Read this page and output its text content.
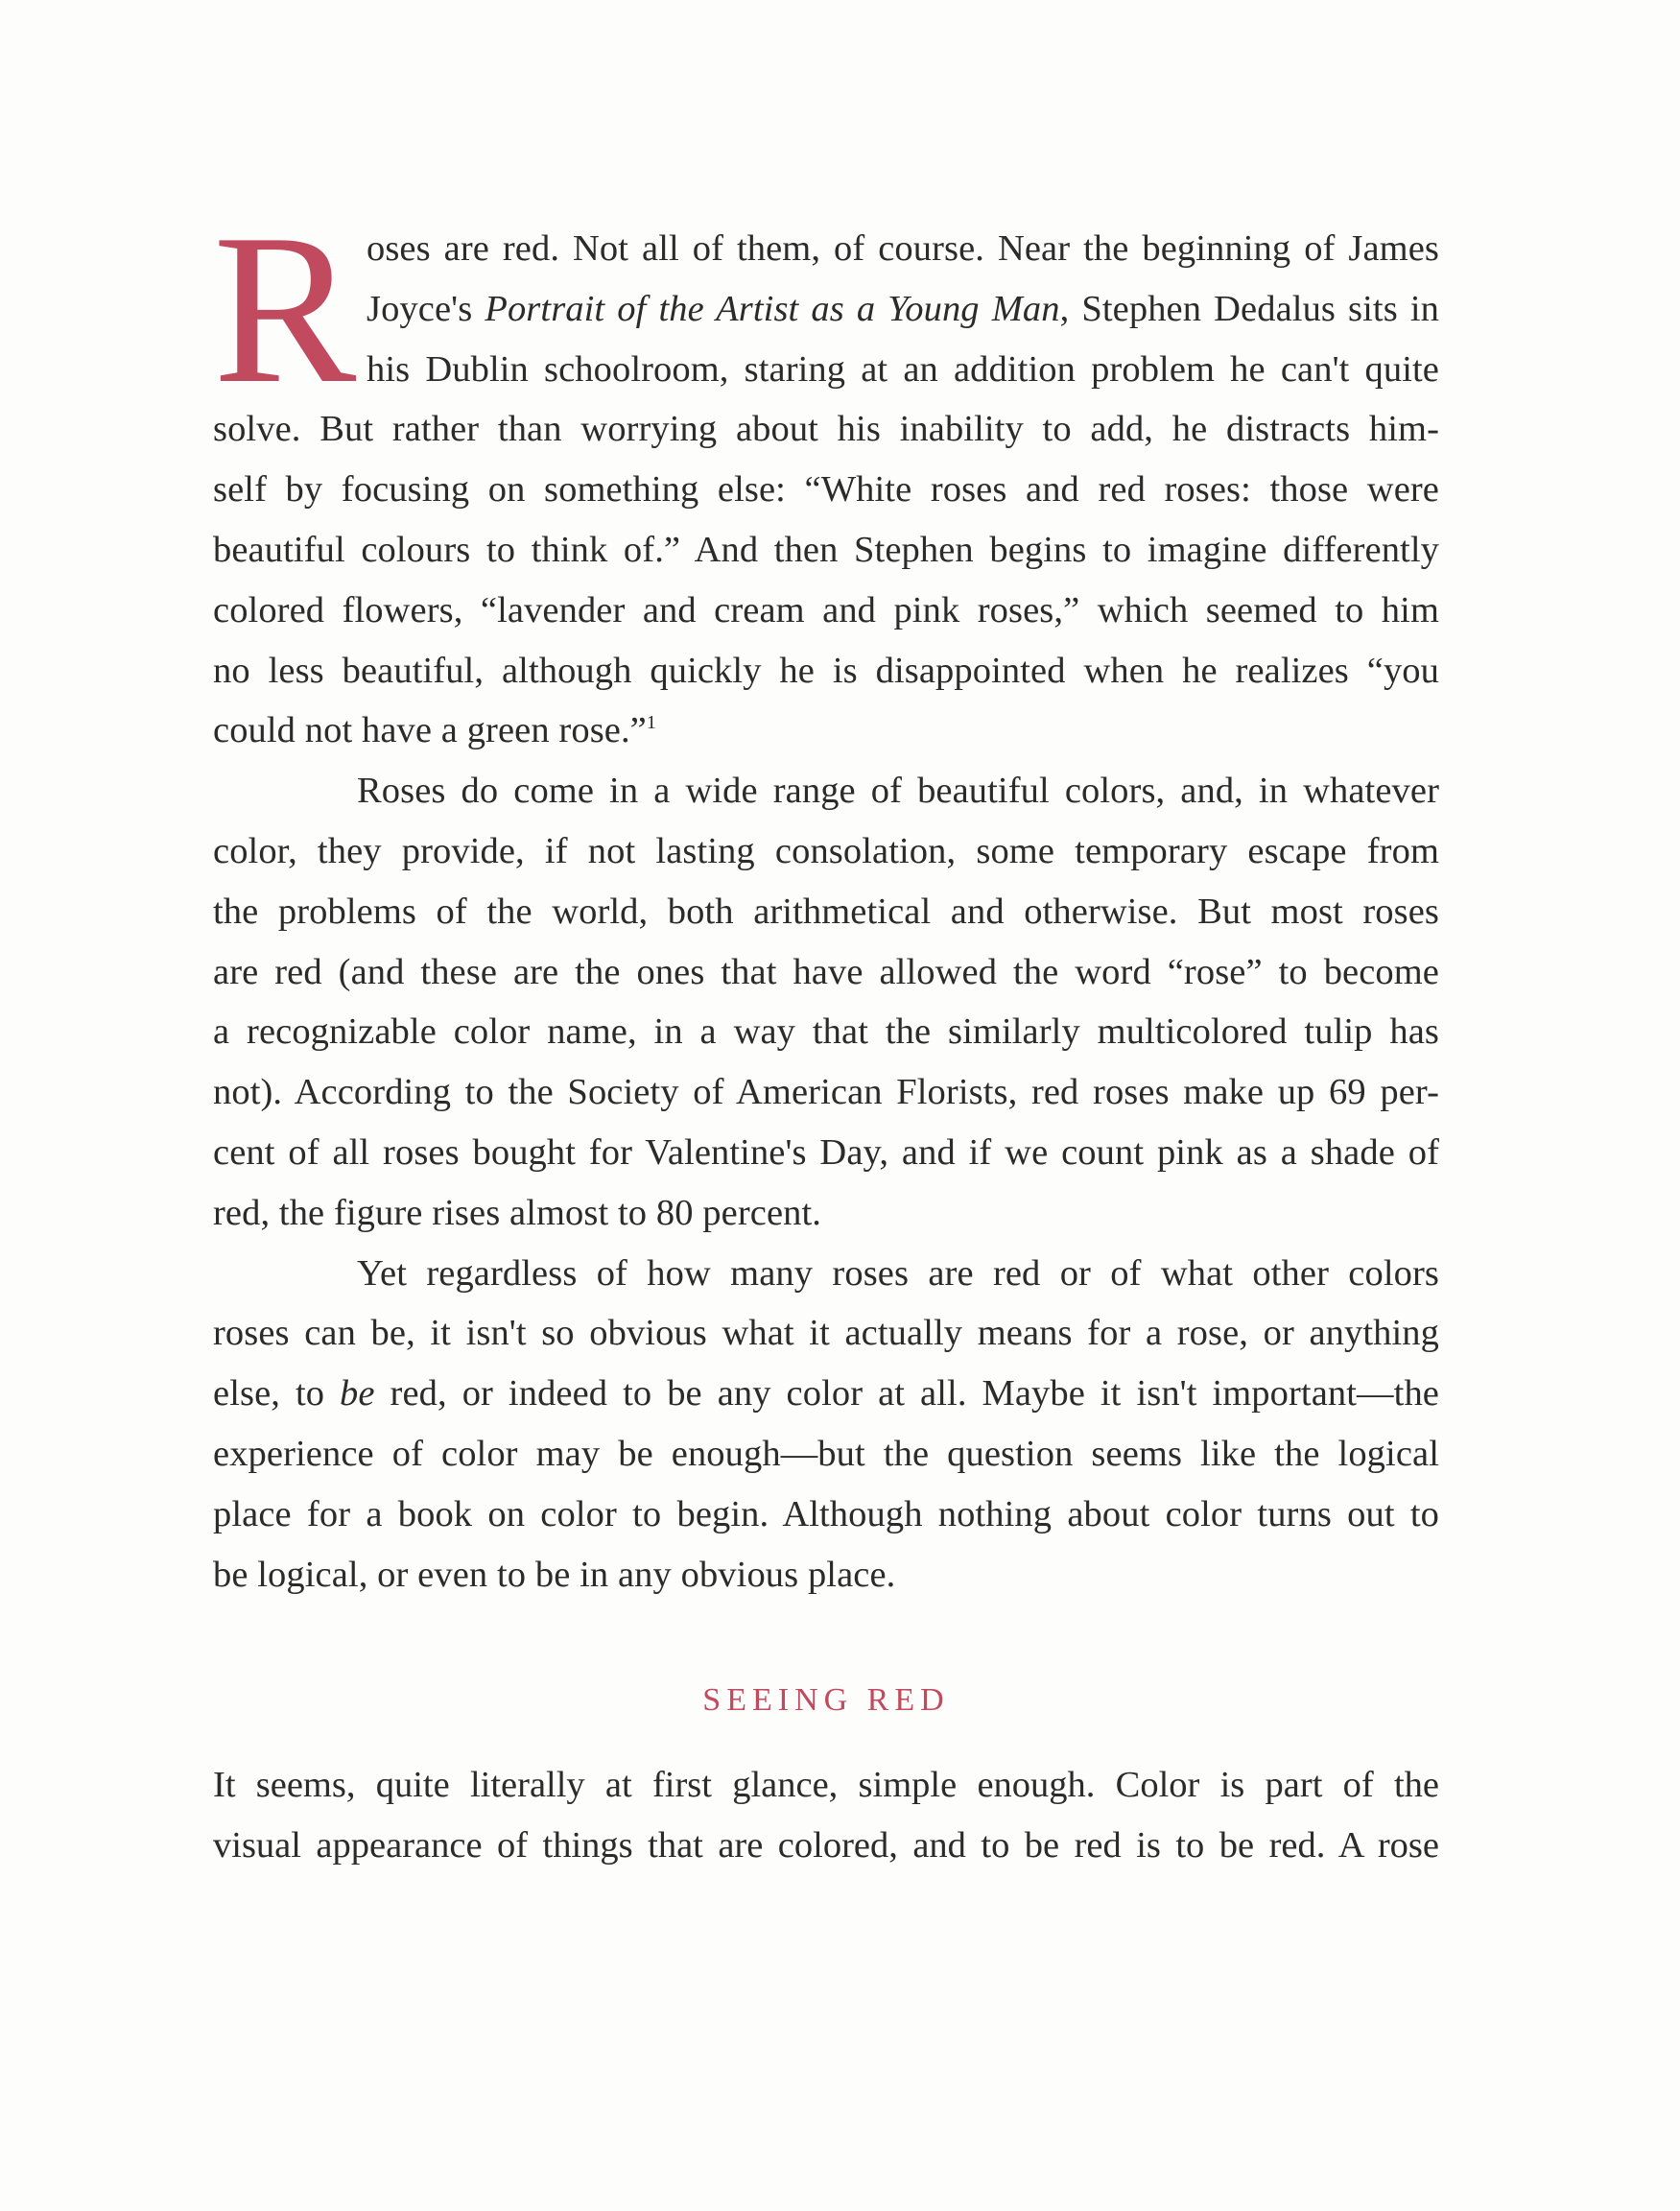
R oses are red. Not all of them, of course. Near the beginning of James
Joyce's Portrait of the Artist as a Young Man, Stephen Dedalus sits in
his Dublin schoolroom, staring at an addition problem he can't quite
solve. But rather than worrying about his inability to add, he distracts him-
self by focusing on something else: “White roses and red roses: those were
beautiful colours to think of.” And then Stephen begins to imagine differently
colored flowers, “lavender and cream and pink roses,” which seemed to him
no less beautiful, although quickly he is disappointed when he realizes “you
could not have a green rose.”$^1$
Roses do come in a wide range of beautiful colors, and, in whatever
color, they provide, if not lasting consolation, some temporary escape from
the problems of the world, both arithmetical and otherwise. But most roses
are red (and these are the ones that have allowed the word “rose” to become
a recognizable color name, in a way that the similarly multicolored tulip has
not). According to the Society of American Florists, red roses make up 69 per-
cent of all roses bought for Valentine's Day, and if we count pink as a shade of
red, the figure rises almost to 80 percent.
Yet regardless of how many roses are red or of what other colors
roses can be, it isn't so obvious what it actually means for a rose, or anything
else, to be red, or indeed to be any color at all. Maybe it isn't important—the
experience of color may be enough—but the question seems like the logical
place for a book on color to begin. Although nothing about color turns out to
be logical, or even to be in any obvious place.
SEEING RED
It seems, quite literally at first glance, simple enough. Color is part of the
visual appearance of things that are colored, and to be red is to be red. A rose
